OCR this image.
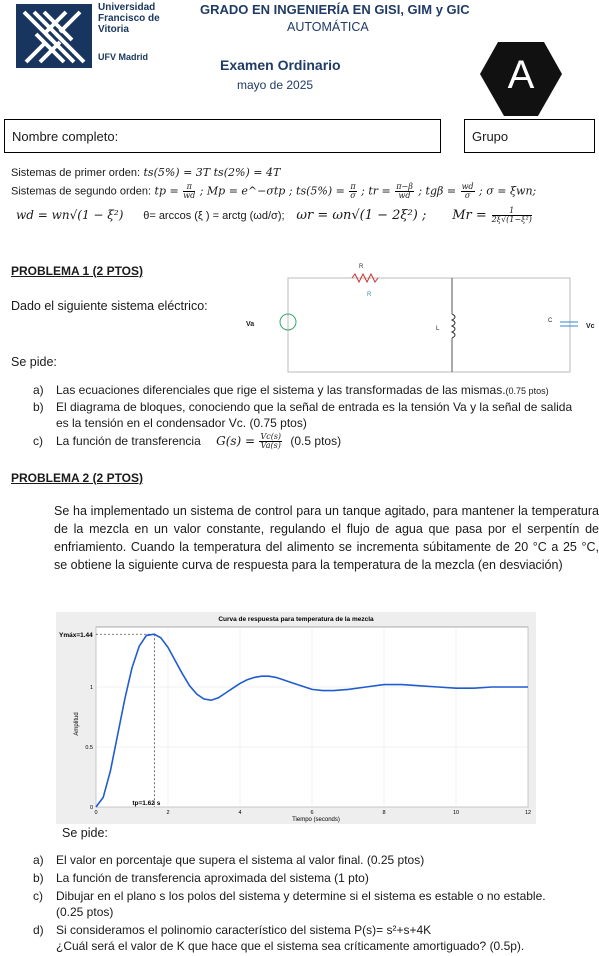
Universidad
Francisco de
Vitoria
UFV Madrid
GRADO EN INGENIERÍA EN GISI, GIM y GIC
AUTOMÁTICA
Examen Ordinario
mayo de 2025	A
Nombre completo:	Grupo
Sistemas de primer orden: ts(5%) = 3T ts(2%) = 4T
Sistemas de segundo orden: tp = $\frac{\pi}{wd}$ ; Mp = e^−σtp ; $ts(5\%) = \frac{\pi}{\sigma}$ ; tr = $\frac{\pi-\beta}{wd}$ ; $tg\beta = \frac{wd}{\sigma}$ ; σ = ξwn;
wd = wn√(1 − ξ²) θ= arccos (ξ ) = arctg (ωd/σ); ωr = ωn√(1 − 2ξ²) ; $Mr = \frac{1}{\text{2ξ√(1−ξ²)}}$
PROBLEMA 1 (2 PTOS)
Dado el siguiente sistema eléctrico:
Se pide:
R
R
Va
L
C
Vc
a) Las ecuaciones diferenciales que rige el sistema y las transformadas de las mismas.(0.75 ptos)
b) El diagrama de bloques, conociendo que la señal de entrada es la tensión Va y la señal de salida
es la tensión en el condensador Vc. (0.75 ptos)
c) La función de transferencia $G(s) = \frac{Vc(s)}{Va(s)} (0.5$ ptos)
PROBLEMA 2 (2 PTOS)
Se ha implementado un sistema de control para un tanque agitado, para mantener la temperatura de la mezcla en un valor constante, regulando el flujo de agua que pasa por el serpentín de enfriamiento. Cuando la temperatura del alimento se incrementa súbitamente de 20 °C a 25 °C, se obtiene la siguiente curva de respuesta para la temperatura de la mezcla (en desviación)
0	2	4	6	8	10	12
0
0.5
1
Curva de respuesta para temperatura de la mezcla
Tiempo (seconds)
Amplitud
Ymáx=1.44
tp=1.62 s
Se pide:
a) El valor en porcentaje que supera el sistema al valor final. (0.25 ptos)
b) La función de transferencia aproximada del sistema (1 pto)
c) Dibujar en el plano s los polos del sistema y determine si el sistema es estable o no estable.
(0.25 ptos)
d) Si consideramos el polinomio característico del sistema P(s)= s²+s+4K
¿Cuál será el valor de K que hace que el sistema sea críticamente amortiguado? (0.5p).
